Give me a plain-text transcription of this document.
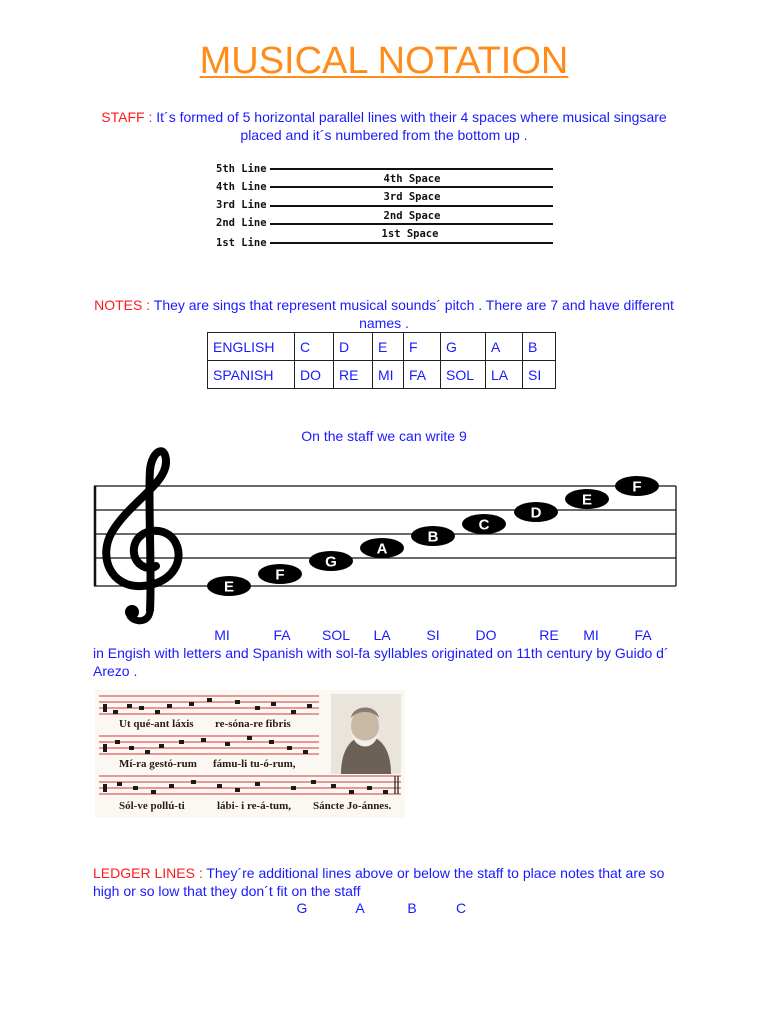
MUSICAL NOTATION
STAFF : It´s formed of 5 horizontal parallel lines with their 4 spaces where musical singsare placed and it´s numbered from the bottom up .
5th Line
4th Line
3rd Line
2nd Line
1st Line
4th Space
3rd Space
2nd Space
1st Space
NOTES : They are sings that represent musical sounds´ pitch . There are 7 and have different names .
ENGLISH	C	D	E	F	G	A	B
SPANISH	DO	RE	MI	FA	SOL	LA	SI
On the staff we can write 9
E
F
G
A
B
C
D
E
F
MI	FA SOL LA	SI	DO	RE MI	FA
in Engish with letters and Spanish with sol-fa syllables originated on 11th century by Guido d´ Arezo .
Ut qué-ant láxis re-sóna-re fibris
Mí-ra gestó-rum fámu-li tu-ó-rum,
Sól-ve pollú-ti	lábi- i re-á-tum, Sáncte Jo-ánnes.
LEDGER LINES : They´re additional lines above or below the staff to place notes that are so high or so low that they don´t fit on the staff
G	A	B	C
